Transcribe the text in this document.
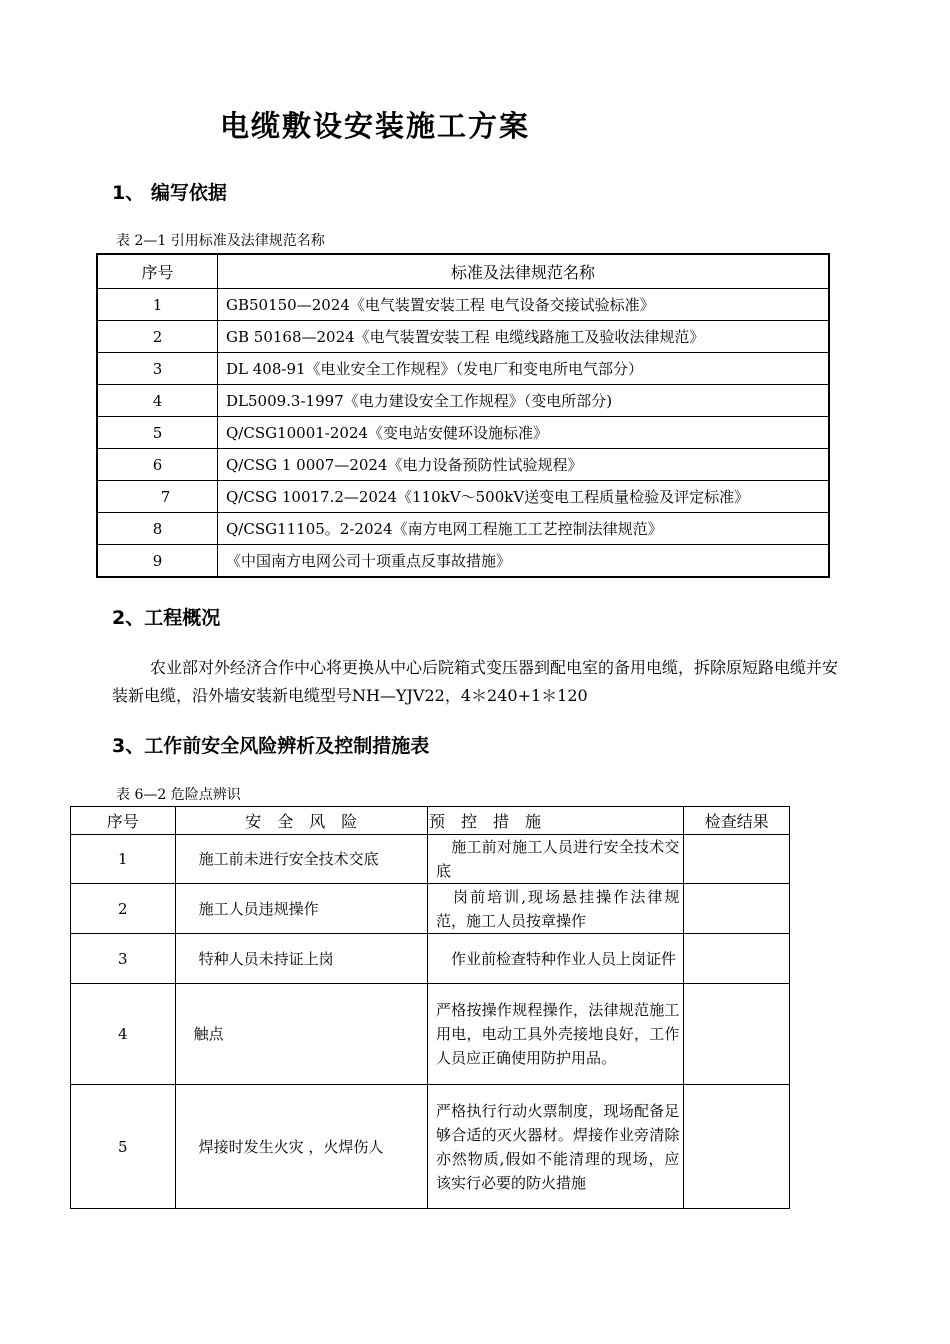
电缆敷设安装施工方案
1、 编写依据
表 2—1 引用标准及法律规范名称
序号	标准及法律规范名称
1	GB50150—2024《电气装置安装工程 电气设备交接试验标准》
2	GB 50168—2024《电气装置安装工程 电缆线路施工及验收法律规范》
3	DL 408-91《电业安全工作规程》（发电厂和变电所电气部分）
4	DL5009.3-1997《电力建设安全工作规程》（变电所部分)
5	Q/CSG10001-2024《变电站安健环设施标准》
6	Q/CSG 1 0007—2024《电力设备预防性试验规程》
7	Q/CSG 10017.2—2024《110kV～500kV送变电工程质量检验及评定标准》
8	Q/CSG11105。2-2024《南方电网工程施工工艺控制法律规范》
9	《中国南方电网公司十项重点反事故措施》
2、工程概况
农业部对外经济合作中心将更换从中心后院箱式变压器到配电室的备用电缆，拆除原短路电缆并安装新电缆，沿外墙安装新电缆型号NH—YJV22，4＊240+1＊120
3、工作前安全风险辨析及控制措施表
表 6—2 危险点辨识
序号	安　全　风　险	预　控　措　施	检查结果
1	　施工前未进行安全技术交底	　施工前对施工人员进行安全技术交底	
2	　施工人员违规操作	　岗前培训,现场悬挂操作法律规范，施工人员按章操作	
3	　特种人员未持证上岗	　作业前检查特种作业人员上岗证件	
4	触点	严格按操作规程操作，法律规范施工用电，电动工具外壳接地良好，工作人员应正确使用防护用品。	
5	　焊接时发生火灾 ，火焊伤人	严格执行行动火票制度，现场配备足够合适的灭火器材。焊接作业旁清除亦然物质,假如不能清理的现场，应该实行必要的防火措施	
